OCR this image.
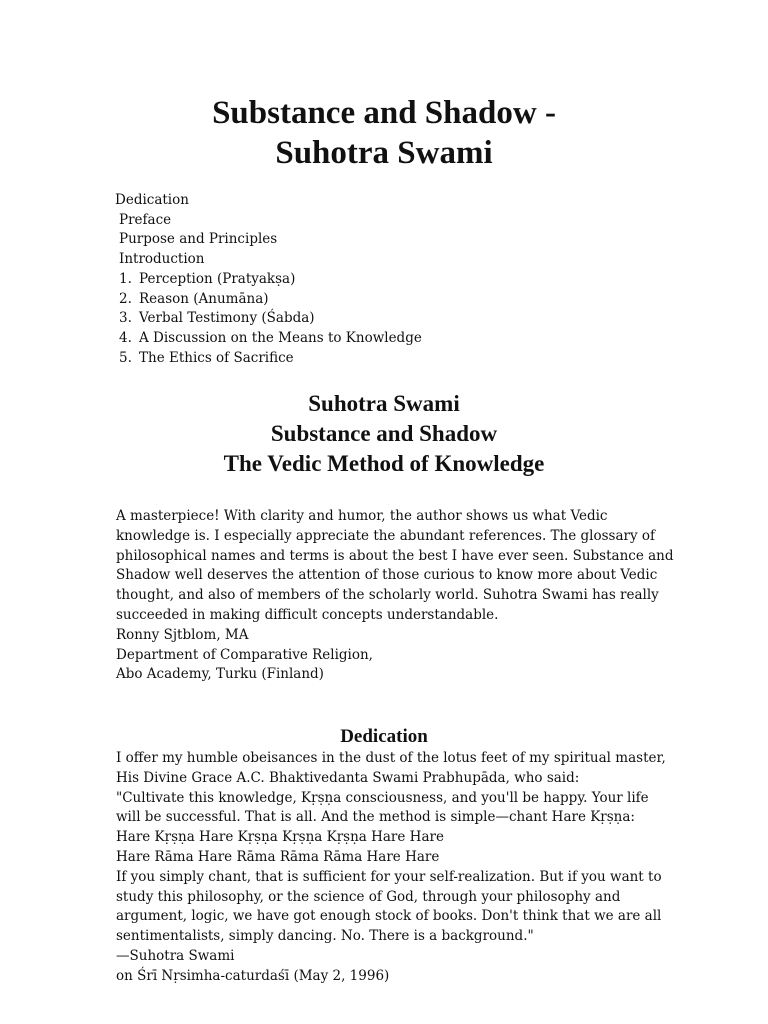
Substance and Shadow -
Suhotra Swami
Dedication
Preface
Purpose and Principles
Introduction
1. Perception (Pratyakṣa)
2. Reason (Anumāna)
3. Verbal Testimony (Śabda)
4. A Discussion on the Means to Knowledge
5. The Ethics of Sacrifice
Suhotra Swami
Substance and Shadow
The Vedic Method of Knowledge
A masterpiece! With clarity and humor, the author shows us what Vedic
knowledge is. I especially appreciate the abundant references. The glossary of
philosophical names and terms is about the best I have ever seen. Substance and
Shadow well deserves the attention of those curious to know more about Vedic
thought, and also of members of the scholarly world. Suhotra Swami has really
succeeded in making difficult concepts understandable.
Ronny Sjtblom, MA
Department of Comparative Religion,
Abo Academy, Turku (Finland)
Dedication
I offer my humble obeisances in the dust of the lotus feet of my spiritual master,
His Divine Grace A.C. Bhaktivedanta Swami Prabhupāda, who said:
"Cultivate this knowledge, Kṛṣṇa consciousness, and you'll be happy. Your life
will be successful. That is all. And the method is simple—chant Hare Kṛṣṇa:
Hare Kṛṣṇa Hare Kṛṣṇa Kṛṣṇa Kṛṣṇa Hare Hare
Hare Rāma Hare Rāma Rāma Rāma Hare Hare
If you simply chant, that is sufficient for your self-realization. But if you want to
study this philosophy, or the science of God, through your philosophy and
argument, logic, we have got enough stock of books. Don't think that we are all
sentimentalists, simply dancing. No. There is a background."
—Suhotra Swami
on Śrī Nṛsimha-caturdaśī (May 2, 1996)
